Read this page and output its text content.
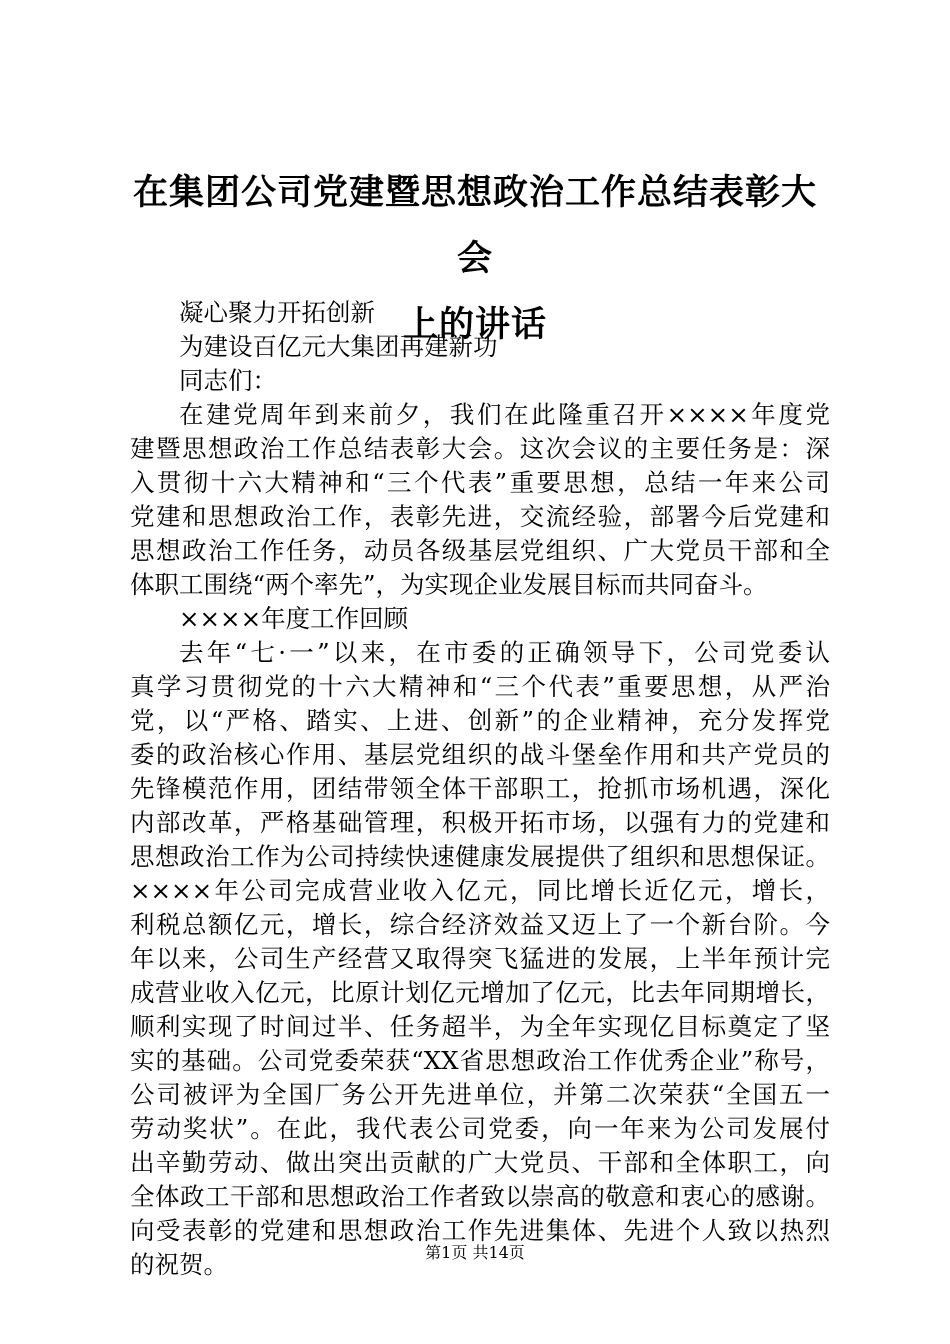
在集团公司党建暨思想政治工作总结表彰大会
上的讲话
凝心聚力开拓创新
为建设百亿元大集团再建新功
同志们：
在建党周年到来前夕，我们在此隆重召开××××年度党
建暨思想政治工作总结表彰大会。这次会议的主要任务是：深
入贯彻十六大精神和“三个代表”重要思想，总结一年来公司
党建和思想政治工作，表彰先进，交流经验，部署今后党建和
思想政治工作任务，动员各级基层党组织、广大党员干部和全
体职工围绕“两个率先”，为实现企业发展目标而共同奋斗。
××××年度工作回顾
去年“七·一”以来，在市委的正确领导下，公司党委认
真学习贯彻党的十六大精神和“三个代表”重要思想，从严治
党，以“严格、踏实、上进、创新”的企业精神，充分发挥党
委的政治核心作用、基层党组织的战斗堡垒作用和共产党员的
先锋模范作用，团结带领全体干部职工，抢抓市场机遇，深化
内部改革，严格基础管理，积极开拓市场，以强有力的党建和
思想政治工作为公司持续快速健康发展提供了组织和思想保证。
××××年公司完成营业收入亿元，同比增长近亿元，增长，
利税总额亿元，增长，综合经济效益又迈上了一个新台阶。今
年以来，公司生产经营又取得突飞猛进的发展，上半年预计完
成营业收入亿元，比原计划亿元增加了亿元，比去年同期增长，
顺利实现了时间过半、任务超半，为全年实现亿目标奠定了坚
实的基础。公司党委荣获“XX省思想政治工作优秀企业”称号，
公司被评为全国厂务公开先进单位，并第二次荣获“全国五一
劳动奖状”。在此，我代表公司党委，向一年来为公司发展付
出辛勤劳动、做出突出贡献的广大党员、干部和全体职工，向
全体政工干部和思想政治工作者致以崇高的敬意和衷心的感谢。
向受表彰的党建和思想政治工作先进集体、先进个人致以热烈
的祝贺。	第1页 共14页
